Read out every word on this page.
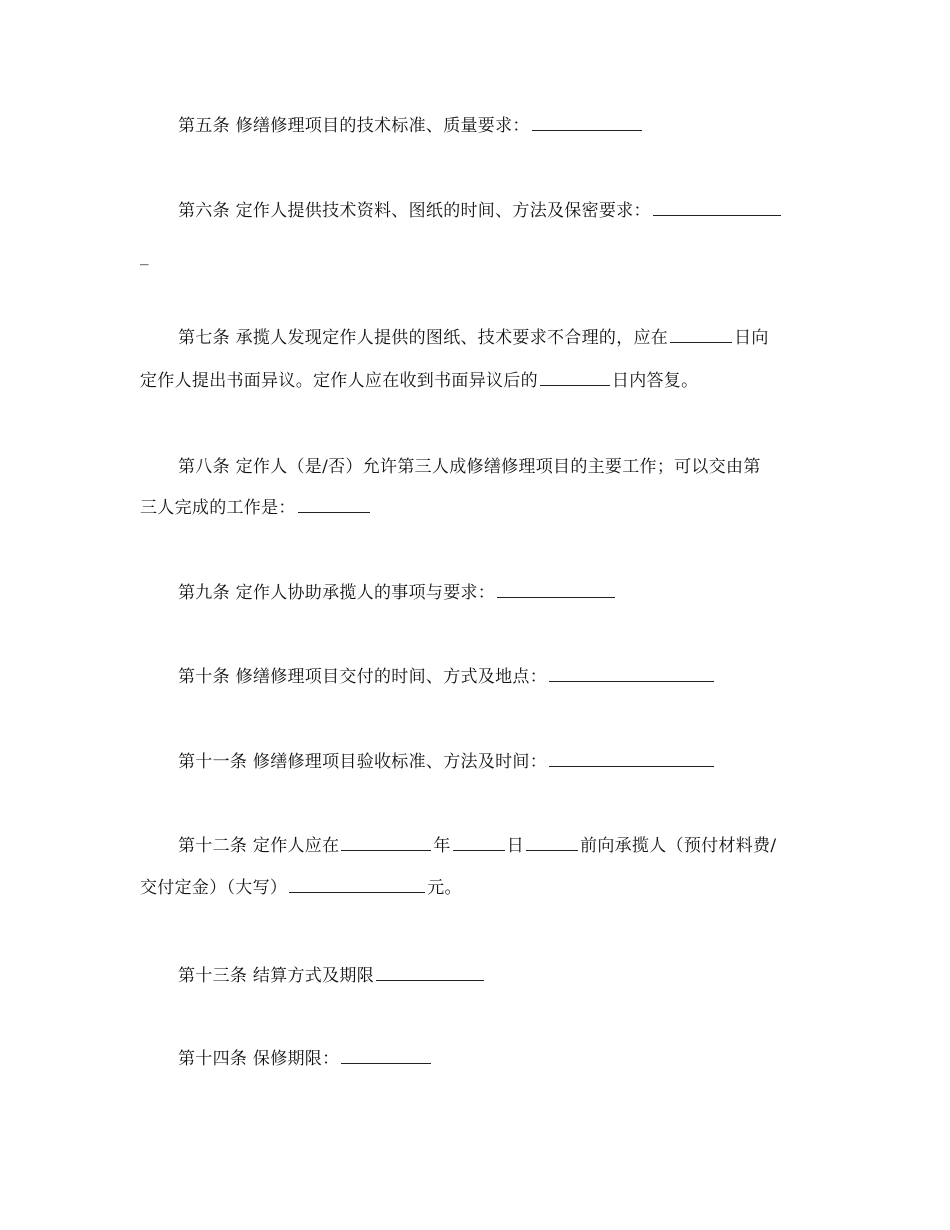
第五条 修缮修理项目的技术标准、质量要求：
第六条 定作人提供技术资料、图纸的时间、方法及保密要求：
_
第七条 承揽人发现定作人提供的图纸、技术要求不合理的，应在	日向
定作人提出书面异议。定作人应在收到书面异议后的	日内答复。
第八条 定作人（是/否）允许第三人成修缮修理项目的主要工作；可以交由第
三人完成的工作是：
第九条 定作人协助承揽人的事项与要求：
第十条 修缮修理项目交付的时间、方式及地点：
第十一条 修缮修理项目验收标准、方法及时间：
第十二条 定作人应在	年	日	前向承揽人（预付材料费/
交付定金）（大写）	元。
第十三条 结算方式及期限
第十四条 保修期限：
